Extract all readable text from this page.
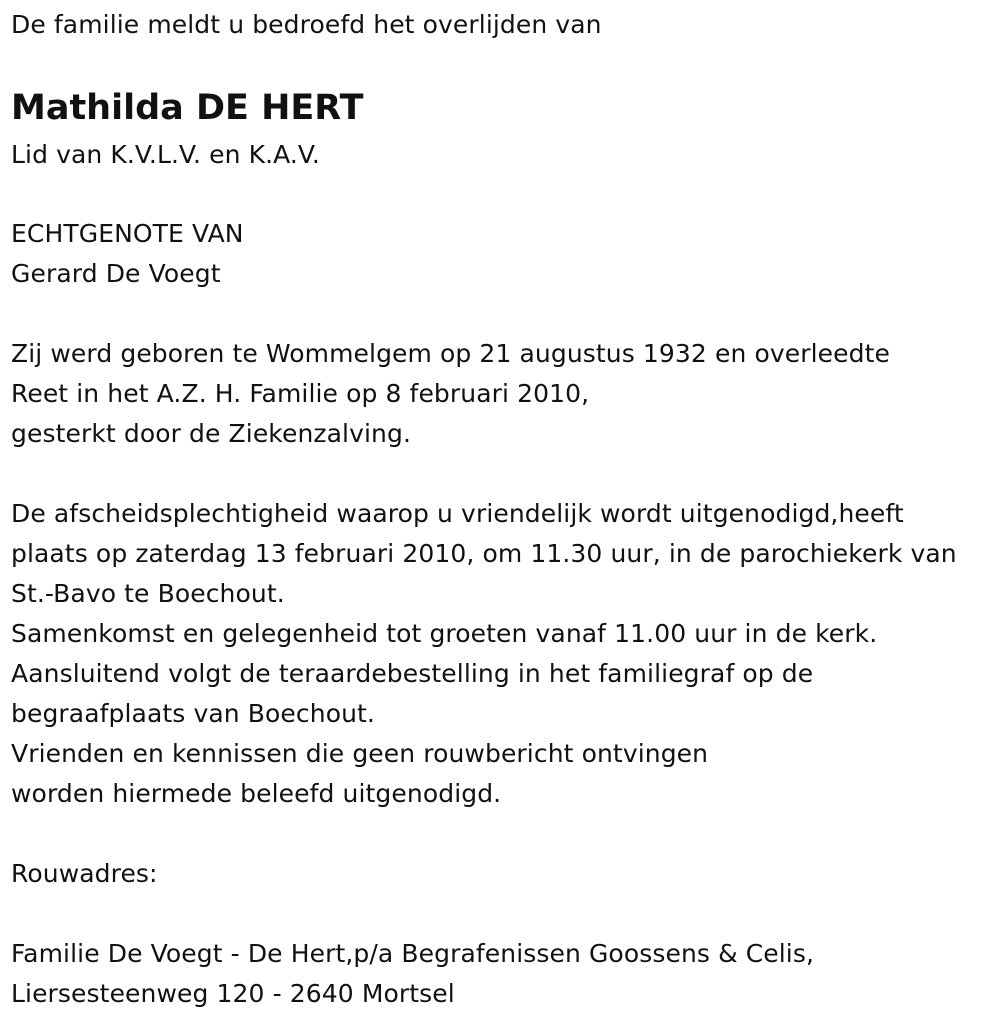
De familie meldt u bedroefd het overlijden van
Mathilda DE HERT
Lid van K.V.L.V. en K.A.V.
ECHTGENOTE VAN
Gerard De Voegt
Zij werd geboren te Wommelgem op 21 augustus 1932 en overleedte
Reet in het A.Z. H. Familie op 8 februari 2010,
gesterkt door de Ziekenzalving.
De afscheidsplechtigheid waarop u vriendelijk wordt uitgenodigd,heeft
plaats op zaterdag 13 februari 2010, om 11.30 uur, in de parochiekerk van
St.-Bavo te Boechout.
Samenkomst en gelegenheid tot groeten vanaf 11.00 uur in de kerk.
Aansluitend volgt de teraardebestelling in het familiegraf op de
begraafplaats van Boechout.
Vrienden en kennissen die geen rouwbericht ontvingen
worden hiermede beleefd uitgenodigd.
Rouwadres:
Familie De Voegt - De Hert,p/a Begrafenissen Goossens & Celis,
Liersesteenweg 120 - 2640 Mortsel
